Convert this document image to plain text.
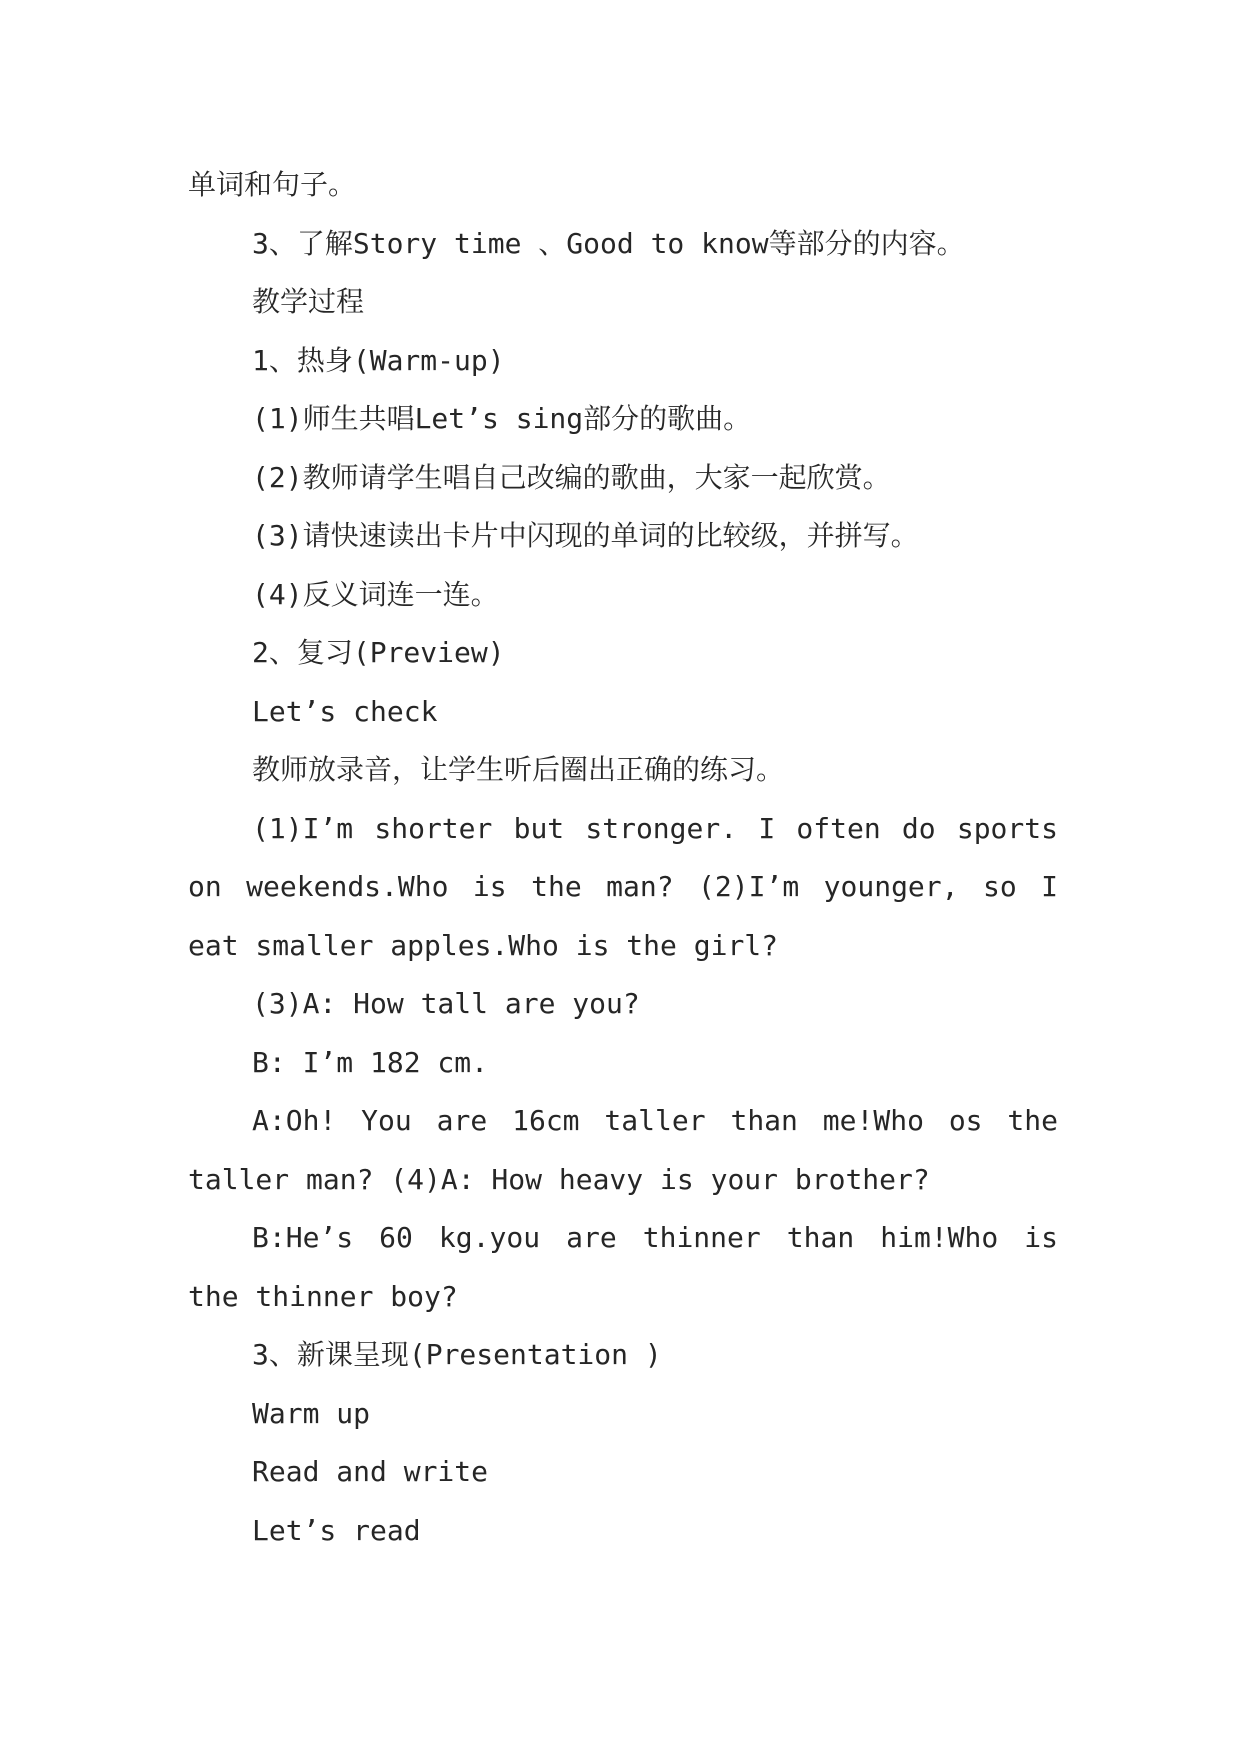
单词和句子。

3、了解Story time 、Good to know等部分的内容。

教学过程

1、热身(Warm-up)

(1)师生共唱Let’s sing部分的歌曲。

(2)教师请学生唱自己改编的歌曲，大家一起欣赏。

(3)请快速读出卡片中闪现的单词的比较级，并拼写。

(4)反义词连一连。

2、复习(Preview)

Let’s check

教师放录音，让学生听后圈出正确的练习。

(1)I’m shorter but stronger. I often do sports on weekends.Who is the man? (2)I’m younger, so I eat smaller apples.Who is the girl?

(3)A: How tall are you?

B: I’m 182 cm.

A:Oh! You are 16cm taller than me!Who os the taller man? (4)A: How heavy is your brother?

B:He’s 60 kg.you are thinner than him!Who is the thinner boy?

3、新课呈现(Presentation )

Warm up

Read and write

Let’s read
